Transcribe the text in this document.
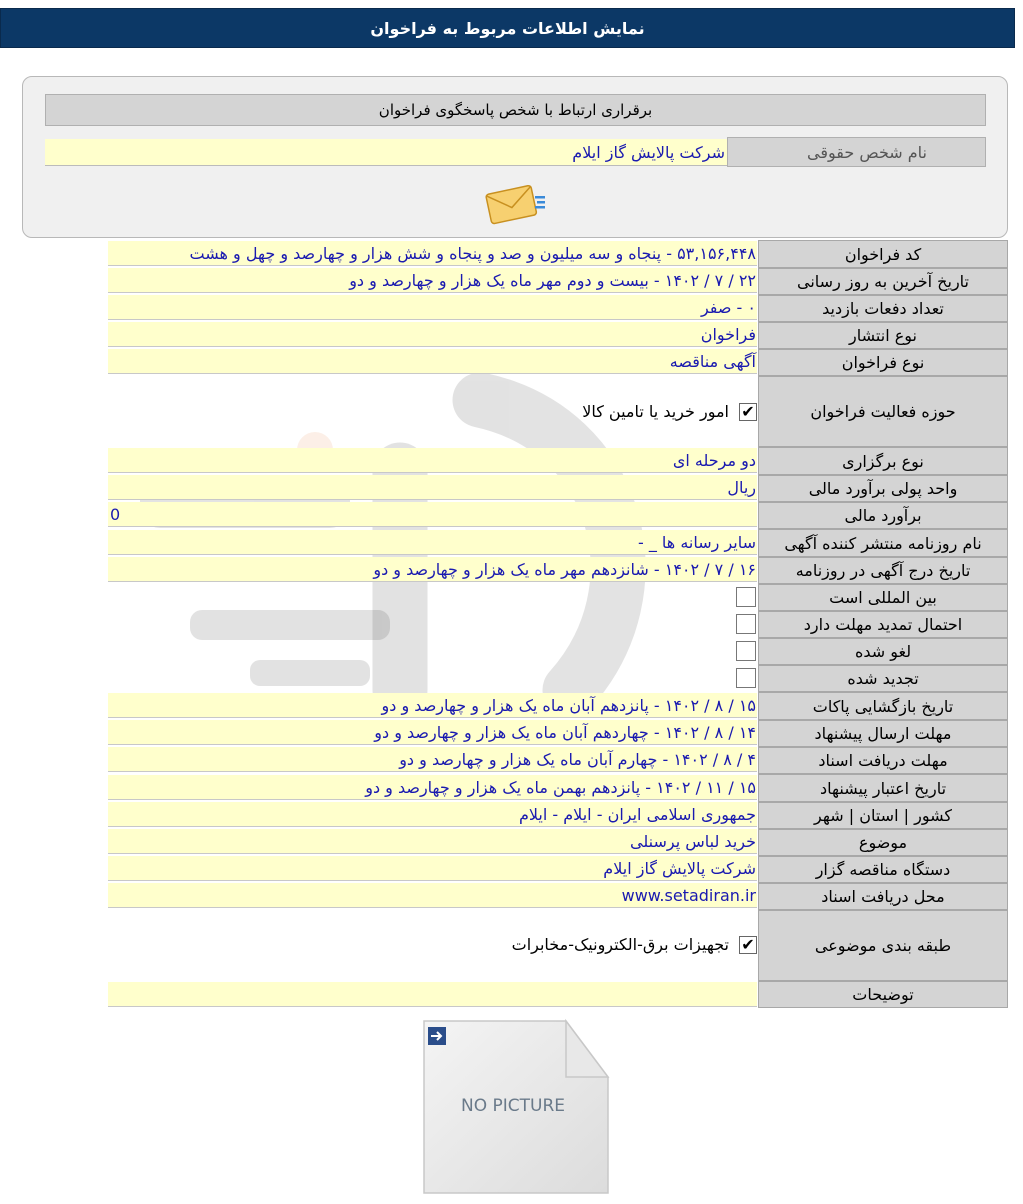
نمایش اطلاعات مربوط به فراخوان
برقراری ارتباط با شخص پاسخگوی فراخوان
نام شخص حقوقی
شرکت پالایش گاز ایلام
کد فراخوان
۵۳,۱۵۶,۴۴۸ - پنجاه و سه میلیون و صد و پنجاه و شش هزار و چهارصد و چهل و هشت
تاریخ آخرین به روز رسانی
۲۲ / ۷ / ۱۴۰۲ - بیست و دوم مهر ماه یک هزار و چهارصد و دو
تعداد دفعات بازدید
۰ - صفر
نوع انتشار
فراخوان
نوع فراخوان
آگهی مناقصه
حوزه فعالیت فراخوان
✔
امور خرید یا تامین کالا
نوع برگزاری
دو مرحله ای
واحد پولی برآورد مالی
ریال
برآورد مالی
0
نام روزنامه منتشر کننده آگهی
سایر رسانه ها _ -
تاریخ درج آگهی در روزنامه
۱۶ / ۷ / ۱۴۰۲ - شانزدهم مهر ماه یک هزار و چهارصد و دو
بین المللی است
احتمال تمدید مهلت دارد
لغو شده
تجدید شده
تاریخ بازگشایی پاکات
۱۵ / ۸ / ۱۴۰۲ - پانزدهم آبان ماه یک هزار و چهارصد و دو
مهلت ارسال پیشنهاد
۱۴ / ۸ / ۱۴۰۲ - چهاردهم آبان ماه یک هزار و چهارصد و دو
مهلت دریافت اسناد
۴ / ۸ / ۱۴۰۲ - چهارم آبان ماه یک هزار و چهارصد و دو
تاریخ اعتبار پیشنهاد
۱۵ / ۱۱ / ۱۴۰۲ - پانزدهم بهمن ماه یک هزار و چهارصد و دو
کشور | استان | شهر
جمهوری اسلامی ایران - ایلام - ایلام
موضوع
خرید لباس پرسنلی
دستگاه مناقصه گزار
شرکت پالایش گاز ایلام
محل دریافت اسناد
www.setadiran.ir
طبقه بندی موضوعی
✔
تجهیزات برق-الکترونیک-مخابرات
توضیحات
NO PICTURE
